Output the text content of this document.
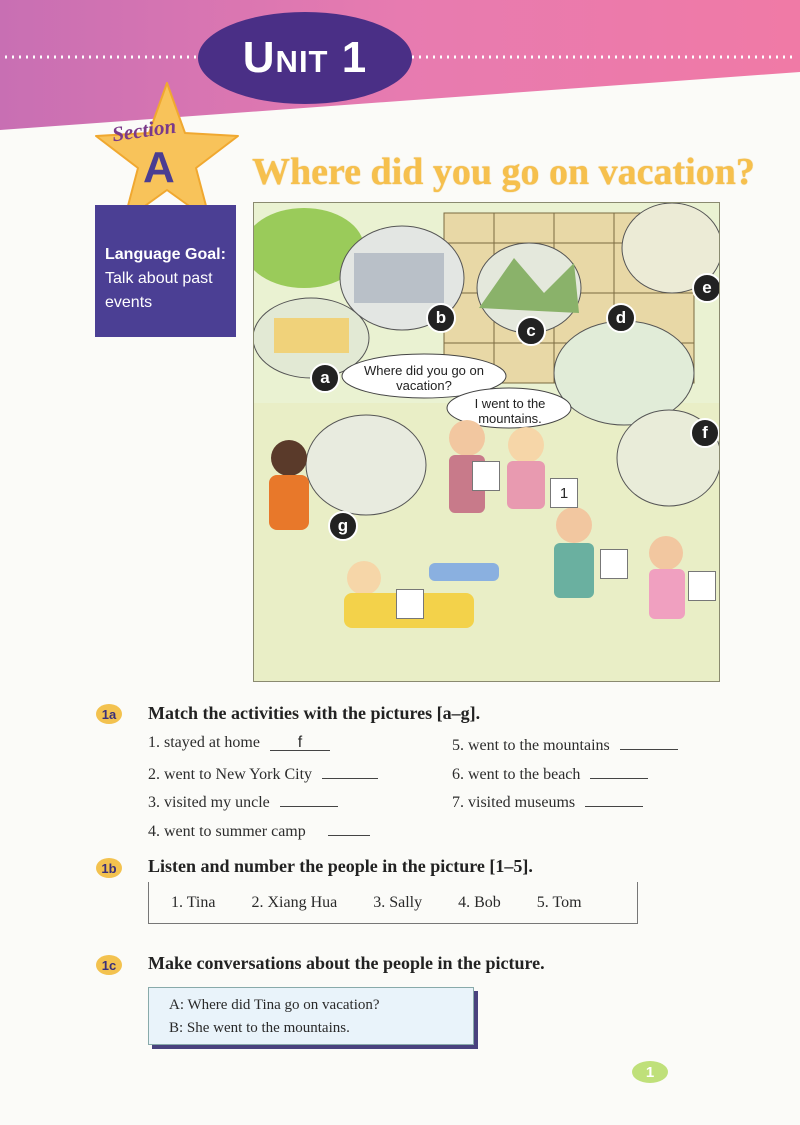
Unit 1
Section
A Where did you go on vacation?
Language Goal:
Talk about past events
Where did you go on vacation?
I went to the mountains.
a
b
c
d
e
f
g
1
1a	Match the activities with the pictures [a–g].
1. stayed at home f
2. went to New York City
3. visited my uncle
4. went to summer camp
5. went to the mountains
6. went to the beach
7. visited museums
1b	Listen and number the people in the picture [1–5].
1. Tina 2. Xiang Hua 3. Sally 4. Bob 5. Tom
1c	Make conversations about the people in the picture.
A: Where did Tina go on vacation?
B: She went to the mountains.
1
